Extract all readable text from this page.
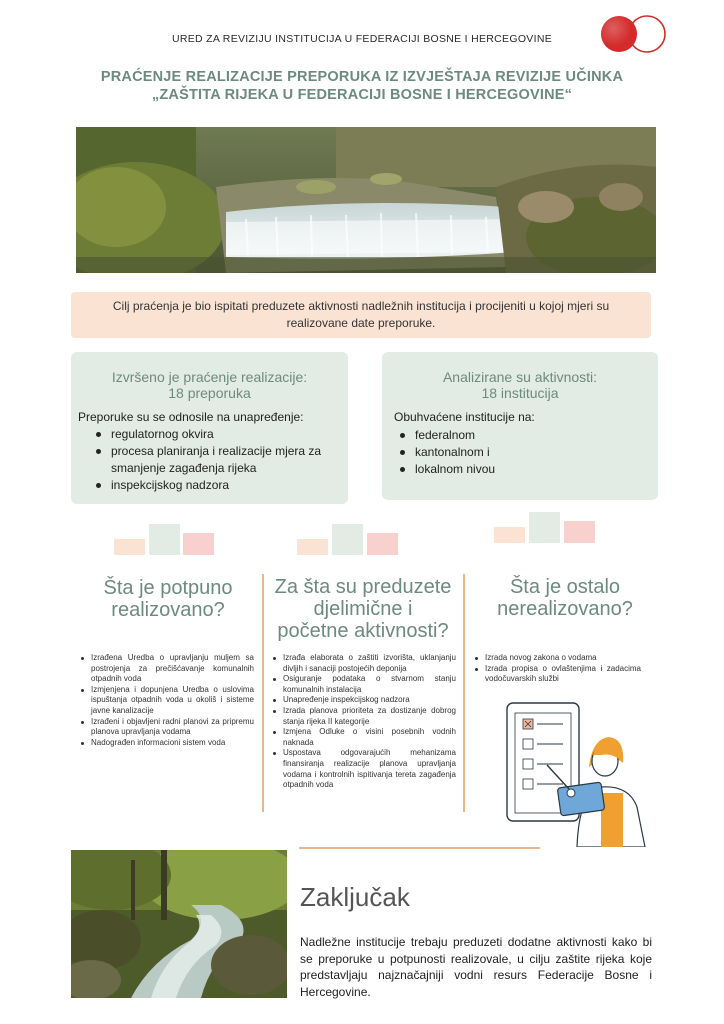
URED ZA REVIZIJU INSTITUCIJA U FEDERACIJI BOSNE I HERCEGOVINE
PRAĆENJE REALIZACIJE PREPORUKA IZ IZVJEŠTAJA REVIZIJE UČINKA
„ZAŠTITA RIJEKA U FEDERACIJI BOSNE I HERCEGOVINE“
Cilj praćenja je bio ispitati preduzete aktivnosti nadležnih institucija i procijeniti u kojoj mjeri su realizovane date preporuke.
Izvršeno je praćenje realizacije:
18 preporuka
Preporuke su se odnosile na unapređenje:
regulatornog okvira
procesa planiranja i realizacije mjera za
smanjenje zagađenja rijeka
inspekcijskog nadzora
Analizirane su aktivnosti:
18 institucija
Obuhvaćene institucije na:
federalnom
kantonalnom i
lokalnom nivou
Šta je potpuno
realizovano?
Za šta su preduzete
djelimične i
početne aktivnosti?
Šta je ostalo
nerealizovano?
Izrađena Uredba o upravljanju muljem sa postrojenja za prečišćavanje komunalnih otpadnih voda
Izmjenjena i dopunjena Uredba o uslovima ispuštanja otpadnih voda u okoliš i sisteme javne kanalizacije
Izrađeni i objavljeni radni planovi za pripremu planova upravljanja vodama
Nadograđen informacioni sistem voda
Izrađa elaborata o zaštiti izvorišta, uklanjanju divljih i sanaciji postojećih deponija
Osiguranje podataka o stvarnom stanju komunalnih instalacija
Unapređenje inspekcijskog nadzora
Izrada planova prioriteta za dostizanje dobrog stanja rijeka II kategorije
Izmjena Odluke o visini posebnih vodnih naknada
Uspostava odgovarajućih mehanizama finansiranja realizacije planova upravljanja vodama i kontrolnih ispitivanja tereta zagađenja otpadnih voda
Izrada novog zakona o vodama
Izrada propisa o ovlaštenjima i zadacima vodočuvarskih službi
Zaključak
Nadležne institucije trebaju preduzeti dodatne aktivnosti kako bi se preporuke u potpunosti realizovale, u cilju zaštite rijeka koje predstavljaju najznačajniji vodni resurs Federacije Bosne i Hercegovine.
